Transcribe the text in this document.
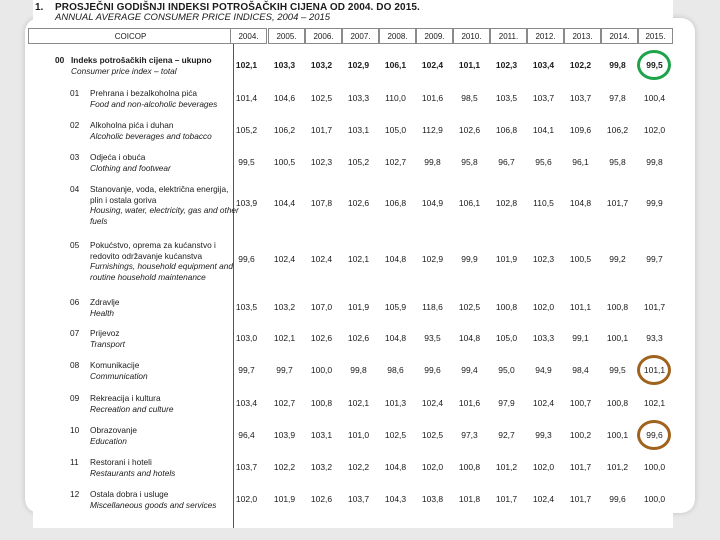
1. PROSJEČNI GODIŠNJI INDEKSI POTROŠAČKIH CIJENA OD 2004. DO 2015.
ANNUAL AVERAGE CONSUMER PRICE INDICES, 2004 – 2015
COICOP	2004.	2005.	2006.	2007.	2008.	2009.	2010.	2011.	2012.	2013.	2014.	2015.
00 Indeks potrošačkih cijena – ukupno
Consumer price index – total
102,1	103,3	103,2	102,9	106,1	102,4	101,1	102,3	103,4	102,2	99,8	99,5
01 Prehrana i bezalkoholna pića
Food and non-alcoholic beverages
101,4	104,6	102,5	103,3	110,0	101,6	98,5	103,5	103,7	103,7	97,8	100,4
02 Alkoholna pića i duhan
Alcoholic beverages and tobacco
105,2	106,2	101,7	103,1	105,0	112,9	102,6	106,8	104,1	109,6	106,2	102,0
03 Odjeća i obuća
Clothing and footwear
99,5	100,5	102,3	105,2	102,7	99,8	95,8	96,7	95,6	96,1	95,8	99,8
04 Stanovanje, voda, električna energija, plin i ostala goriva
Housing, water, electricity, gas and other fuels
103,9	104,4	107,8	102,6	106,8	104,9	106,1	102,8	110,5	104,8	101,7	99,9
05 Pokućstvo, oprema za kućanstvo i redovito održavanje kućanstva
Furnishings, household equipment and routine household maintenance
99,6	102,4	102,4	102,1	104,8	102,9	99,9	101,9	102,3	100,5	99,2	99,7
06 Zdravlje
Health
103,5	103,2	107,0	101,9	105,9	118,6	102,5	100,8	102,0	101,1	100,8	101,7
07 Prijevoz
Transport
103,0	102,1	102,6	102,6	104,8	93,5	104,8	105,0	103,3	99,1	100,1	93,3
08 Komunikacije
Communication
99,7	99,7	100,0	99,8	98,6	99,6	99,4	95,0	94,9	98,4	99,5	101,1
09 Rekreacija i kultura
Recreation and culture
103,4	102,7	100,8	102,1	101,3	102,4	101,6	97,9	102,4	100,7	100,8	102,1
10 Obrazovanje
Education
96,4	103,9	103,1	101,0	102,5	102,5	97,3	92,7	99,3	100,2	100,1	99,6
11 Restorani i hoteli
Restaurants and hotels
103,7	102,2	103,2	102,2	104,8	102,0	100,8	101,2	102,0	101,7	101,2	100,0
12 Ostala dobra i usluge
Miscellaneous goods and services
102,0	101,9	102,6	103,7	104,3	103,8	101,8	101,7	102,4	101,7	99,6	100,0
